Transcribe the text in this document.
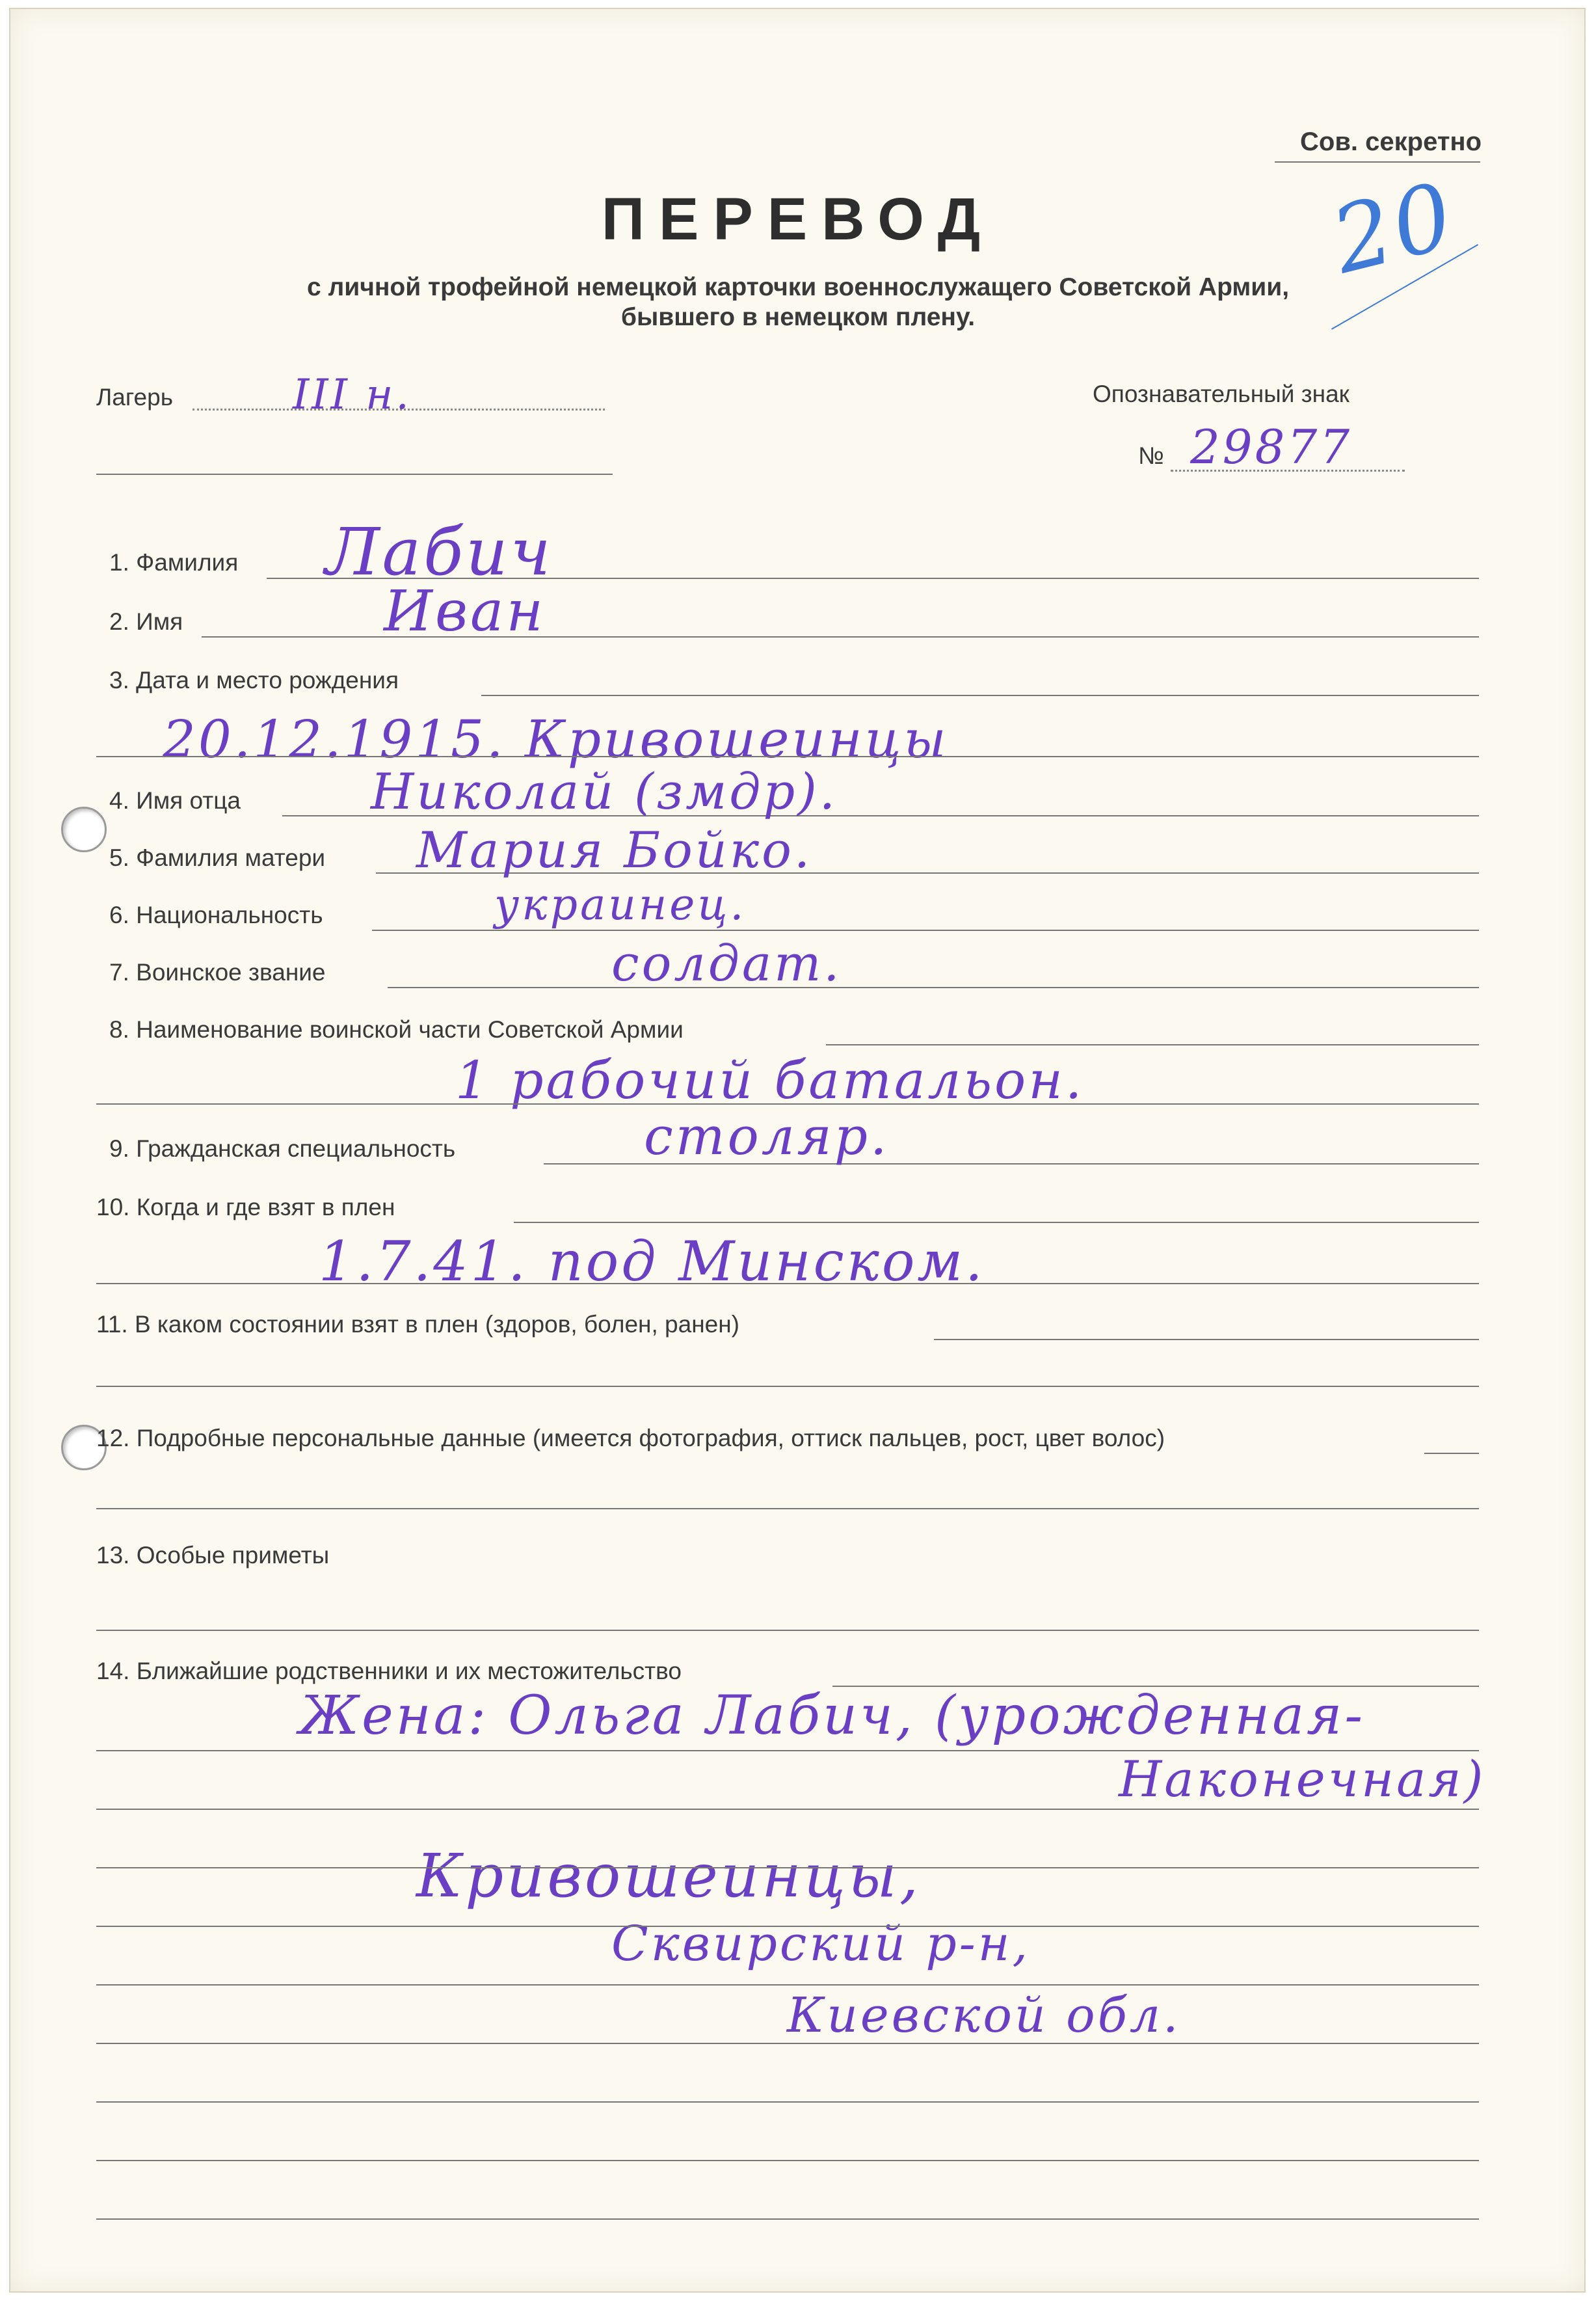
Сов. секретно
20
ПЕРЕВОД
с личной трофейной немецкой карточки военнослужащего Советской Армии,
бывшего в немецком плену.
Лагерь	III н.	Опознавательный знак
№ 29877
1. Фамилия Лабич
2. Имя	Иван
3. Дата и место рождения
20.12.1915. Кривошеинцы
4. Имя отца	Николай (змдр).
5. Фамилия матери Мария Бойко.
6. Национальность	украинец.
7. Воинское звание	солдат.
8. Наименование воинской части Советской Армии
1 рабочий батальон.
9. Гражданская специальность	столяр.
10. Когда и где взят в плен
1.7.41. под Минском.
11. В каком состоянии взят в плен (здоров, болен, ранен)
12. Подробные персональные данные (имеется фотография, оттиск пальцев, рост, цвет волос)
13. Особые приметы
14. Ближайшие родственники и их местожительство
Жена: Ольга Лабич, (урожденная-
Наконечная)
Кривошеинцы,
Сквирский р-н,
Киевской обл.
